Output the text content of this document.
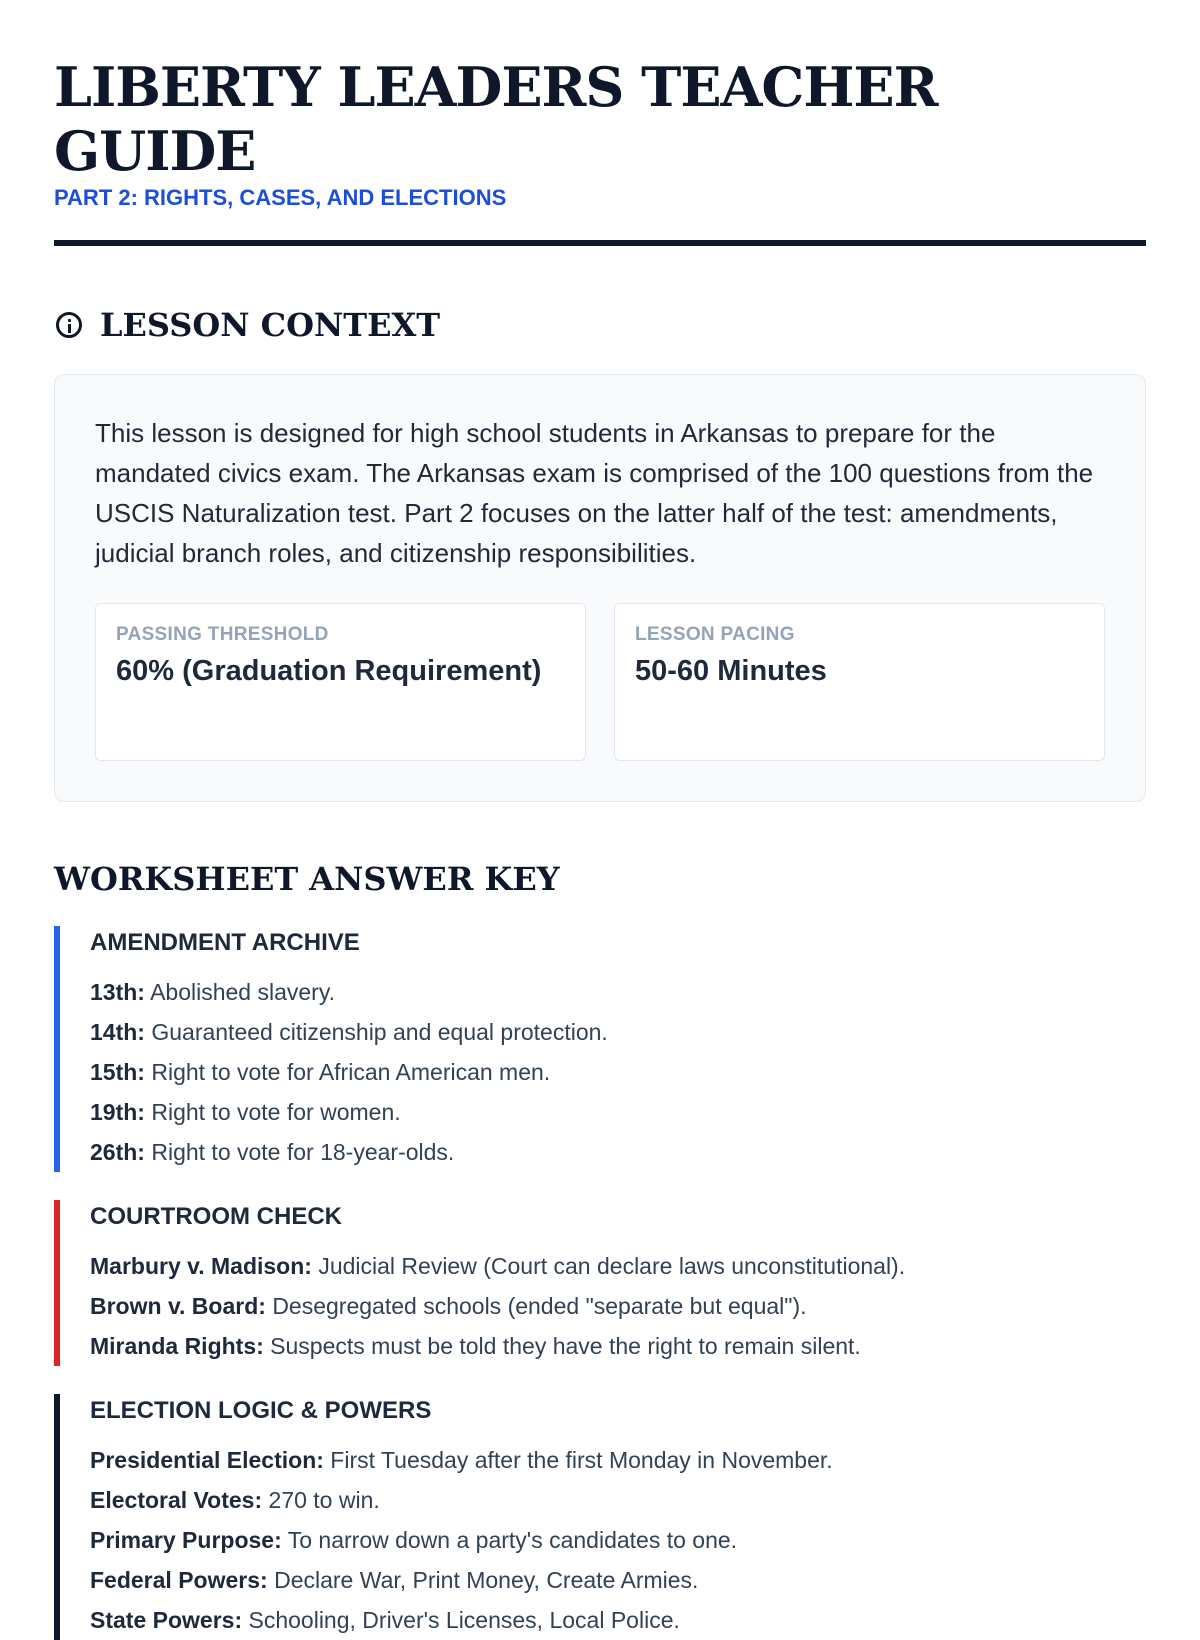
LIBERTY LEADERS TEACHER GUIDE
PART 2: RIGHTS, CASES, AND ELECTIONS
LESSON CONTEXT

This lesson is designed for high school students in Arkansas to prepare for the mandated civics exam. The Arkansas exam is comprised of the 100 questions from the USCIS Naturalization test. Part 2 focuses on the latter half of the test: amendments, judicial branch roles, and citizenship responsibilities.

PASSING THRESHOLD
60% (Graduation Requirement)
LESSON PACING
50-60 Minutes
WORKSHEET ANSWER KEY
AMENDMENT ARCHIVE
13th: Abolished slavery.
14th: Guaranteed citizenship and equal protection.
15th: Right to vote for African American men.
19th: Right to vote for women.
26th: Right to vote for 18-year-olds.
COURTROOM CHECK
Marbury v. Madison: Judicial Review (Court can declare laws unconstitutional).
Brown v. Board: Desegregated schools (ended "separate but equal").
Miranda Rights: Suspects must be told they have the right to remain silent.
ELECTION LOGIC & POWERS
Presidential Election: First Tuesday after the first Monday in November.
Electoral Votes: 270 to win.
Primary Purpose: To narrow down a party's candidates to one.
Federal Powers: Declare War, Print Money, Create Armies.
State Powers: Schooling, Driver's Licenses, Local Police.
